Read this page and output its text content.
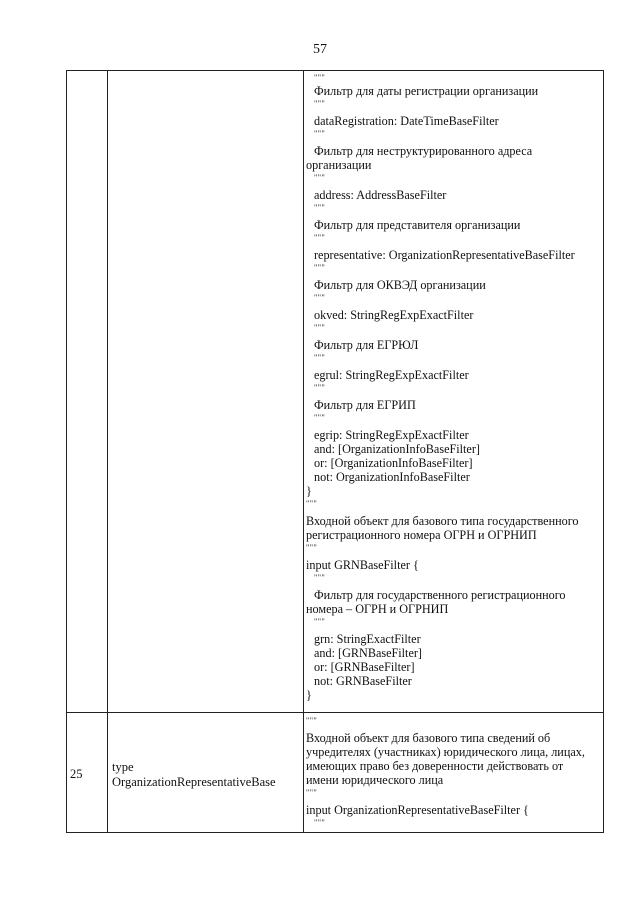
57
"""
Фильтр для даты регистрации организации
"""
dataRegistration: DateTimeBaseFilter
"""
Фильтр для неструктурированного адреса
организации
"""
address: AddressBaseFilter
"""
Фильтр для представителя организации
"""
representative: OrganizationRepresentativeBaseFilter
"""
Фильтр для ОКВЭД организации
"""
okved: StringRegExpExactFilter
"""
Фильтр для ЕГРЮЛ
"""
egrul: StringRegExpExactFilter
"""
Фильтр для ЕГРИП
"""
egrip: StringRegExpExactFilter
and: [OrganizationInfoBaseFilter]
or: [OrganizationInfoBaseFilter]
not: OrganizationInfoBaseFilter
}
"""
Входной объект для базового типа государственного
регистрационного номера ОГРН и ОГРНИП
"""
input GRNBaseFilter {
"""
Фильтр для государственного регистрационного
номера – ОГРН и ОГРНИП
"""
grn: StringExactFilter
and: [GRNBaseFilter]
or: [GRNBaseFilter]
not: GRNBaseFilter
}
25 type
OrganizationRepresentativeBase
"""
Входной объект для базового типа сведений об
учредителях (участниках) юридического лица, лицах,
имеющих право без доверенности действовать от
имени юридического лица
"""
input OrganizationRepresentativeBaseFilter {
"""
